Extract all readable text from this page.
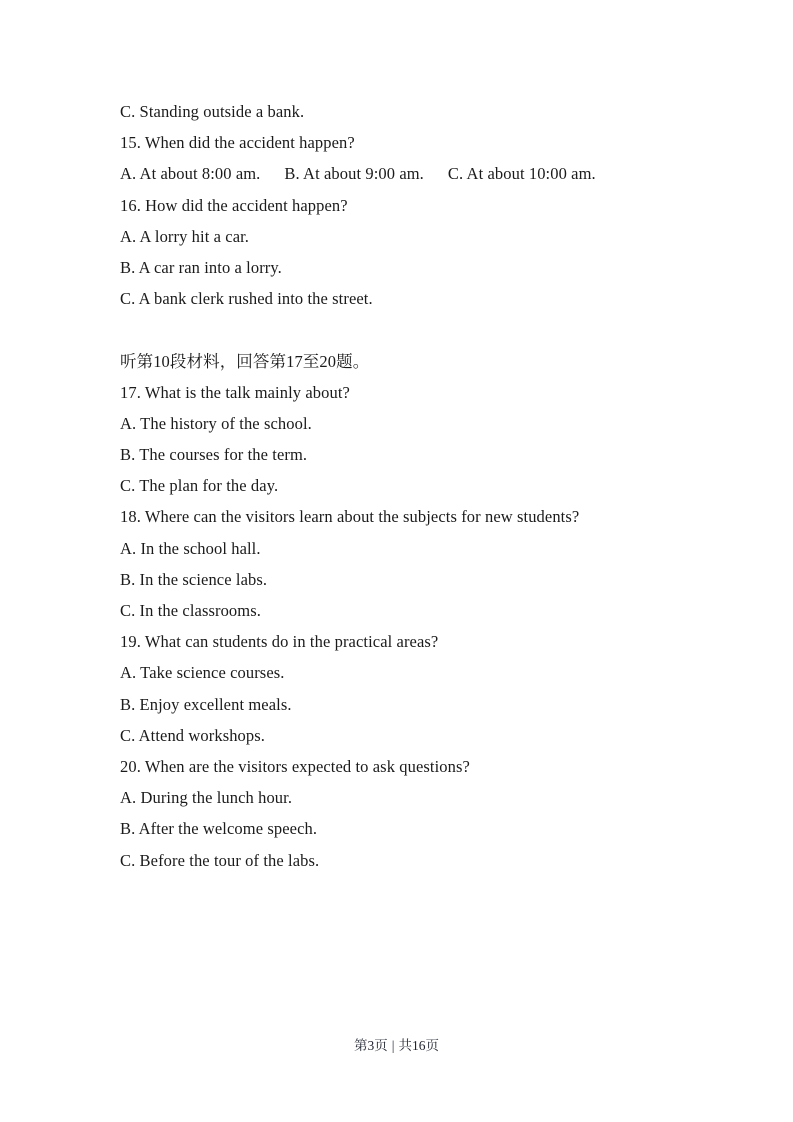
C. Standing outside a bank.
15. When did the accident happen?
A. At about 8:00 am. B. At about 9:00 am. C. At about 10:00 am.
16. How did the accident happen?
A. A lorry hit a car.
B. A car ran into a lorry.
C. A bank clerk rushed into the street.
听第10段材料，回答第17至20题。
17. What is the talk mainly about?
A. The history of the school.
B. The courses for the term.
C. The plan for the day.
18. Where can the visitors learn about the subjects for new students?
A. In the school hall.
B. In the science labs.
C. In the classrooms.
19. What can students do in the practical areas?
A. Take science courses.
B. Enjoy excellent meals.
C. Attend workshops.
20. When are the visitors expected to ask questions?
A. During the lunch hour.
B. After the welcome speech.
C. Before the tour of the labs.
第3页 | 共16页
